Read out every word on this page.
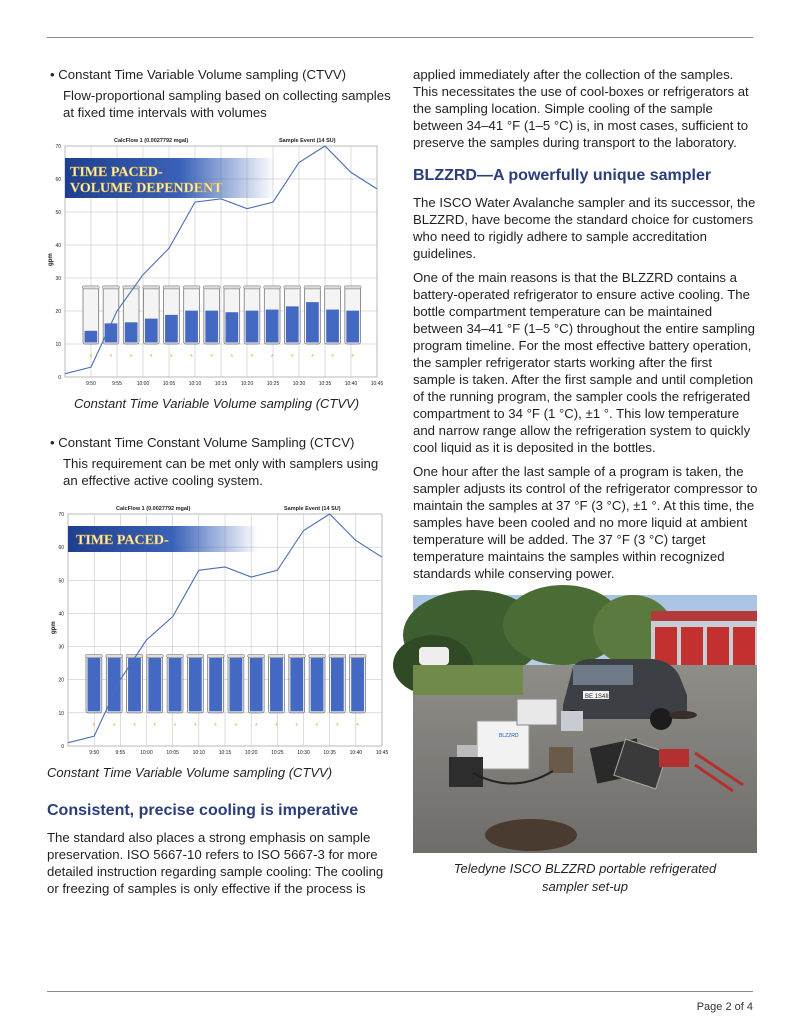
• Constant Time Variable Volume sampling (CTVV)

Flow-proportional sampling based on collecting samples at fixed time intervals with volumes

CalcFlow 1 (0.0027792 mgal)	Sample Event (14 SU)
gpm
* * * * * * * * * * * * * *
0
10
20
30
40
50
60
70
9:50	9:55	10:00	10:05	10:10	10:15	10:20	10:25	10:30	10:35	10:40	10:45
TIME PACED-
VOLUME DEPENDENT
Constant Time Variable Volume sampling (CTVV)

• Constant Time Constant Volume Sampling (CTCV)

This requirement can be met only with samplers using an effective active cooling system.

CalcFlow 1 (0.0027792 mgal)	Sample Event (14 SU)
gpm
*	*	*	*	*	*	*	*	*	*	*	*	*	*
0
10
20
30
40
50
60
70
9:50	9:55	10:00	10:05	10:10	10:15	10:20	10:25	10:30	10:35	10:40	10:45
TIME PACED-
Constant Time Variable Volume sampling (CTVV)
Consistent, precise cooling is imperative

The standard also places a strong emphasis on sample preservation. ISO 5667-10 refers to ISO 5667-3 for more detailed instruction regarding sample cooling: The cooling or freezing of samples is only effective if the process is

applied immediately after the collection of the samples. This necessitates the use of cool-boxes or refrigerators at the sampling location. Simple cooling of the sample between 34–41 °F (1–5 °C) is, in most cases, sufficient to preserve the samples during transport to the laboratory.

BLZZRD—A powerfully unique sampler

The ISCO Water Avalanche sampler and its successor, the BLZZRD, have become the standard choice for customers who need to rigidly adhere to sample accreditation guidelines.

One of the main reasons is that the BLZZRD contains a battery-operated refrigerator to ensure active cooling. The bottle compartment temperature can be maintained between 34–41 °F (1–5 °C) throughout the entire sampling program timeline. For the most effective battery operation, the sampler refrigerator starts working after the first sample is taken. After the first sample and until completion of the running program, the sampler cools the refrigerated compartment to 34 °F (1 °C), ±1 °. This low temperature and narrow range allow the refrigeration system to quickly cool liquid as it is deposited in the bottles.

One hour after the last sample of a program is taken, the sampler adjusts its control of the refrigerator compressor to maintain the samples at 37 °F (3 °C), ±1 °. At this time, the samples have been cooled and no more liquid at ambient temperature will be added. The 37 °F (3 °C) target temperature maintains the samples within recognized standards while conserving power.

BE 1S4II
BLZZRD
Teledyne ISCO BLZZRD portable refrigerated sampler set-up
Page 2 of 4
